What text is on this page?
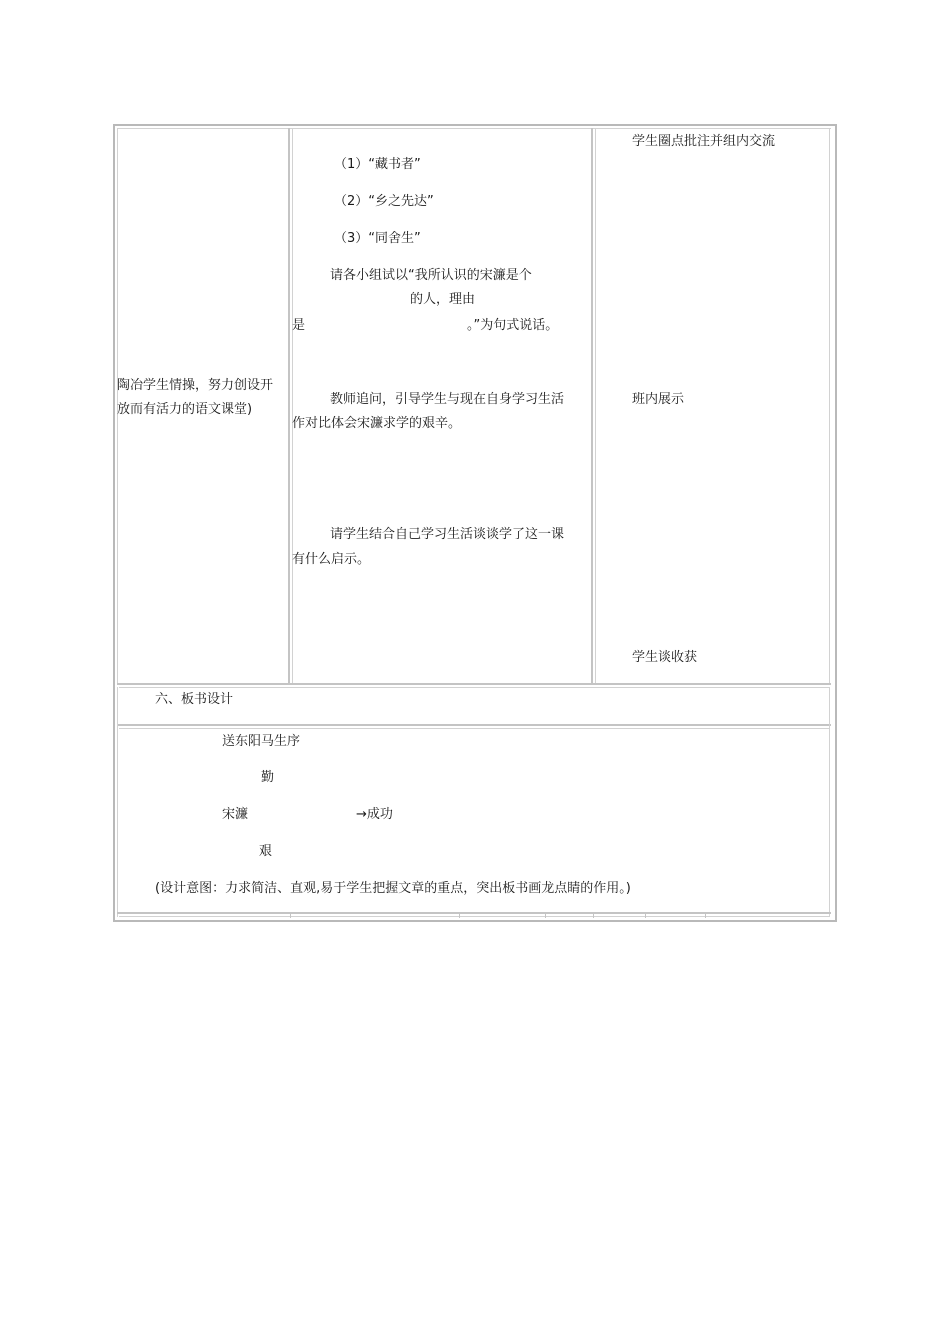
陶冶学生情操，努力创设开
放而有活力的语文课堂)
（1）“藏书者”
（2）“乡之先达”
（3）“同舍生”
请各小组试以“我所认识的宋濂是个
的人，理由
是	。”为句式说话。
教师追问，引导学生与现在自身学习生活
作对比体会宋濂求学的艰辛。
请学生结合自己学习生活谈谈学了这一课
有什么启示。
学生圈点批注并组内交流
班内展示
学生谈收获
六、板书设计
送东阳马生序
勤
宋濂	→成功
艰
(设计意图：力求简洁、直观,易于学生把握文章的重点，突出板书画龙点睛的作用。)
